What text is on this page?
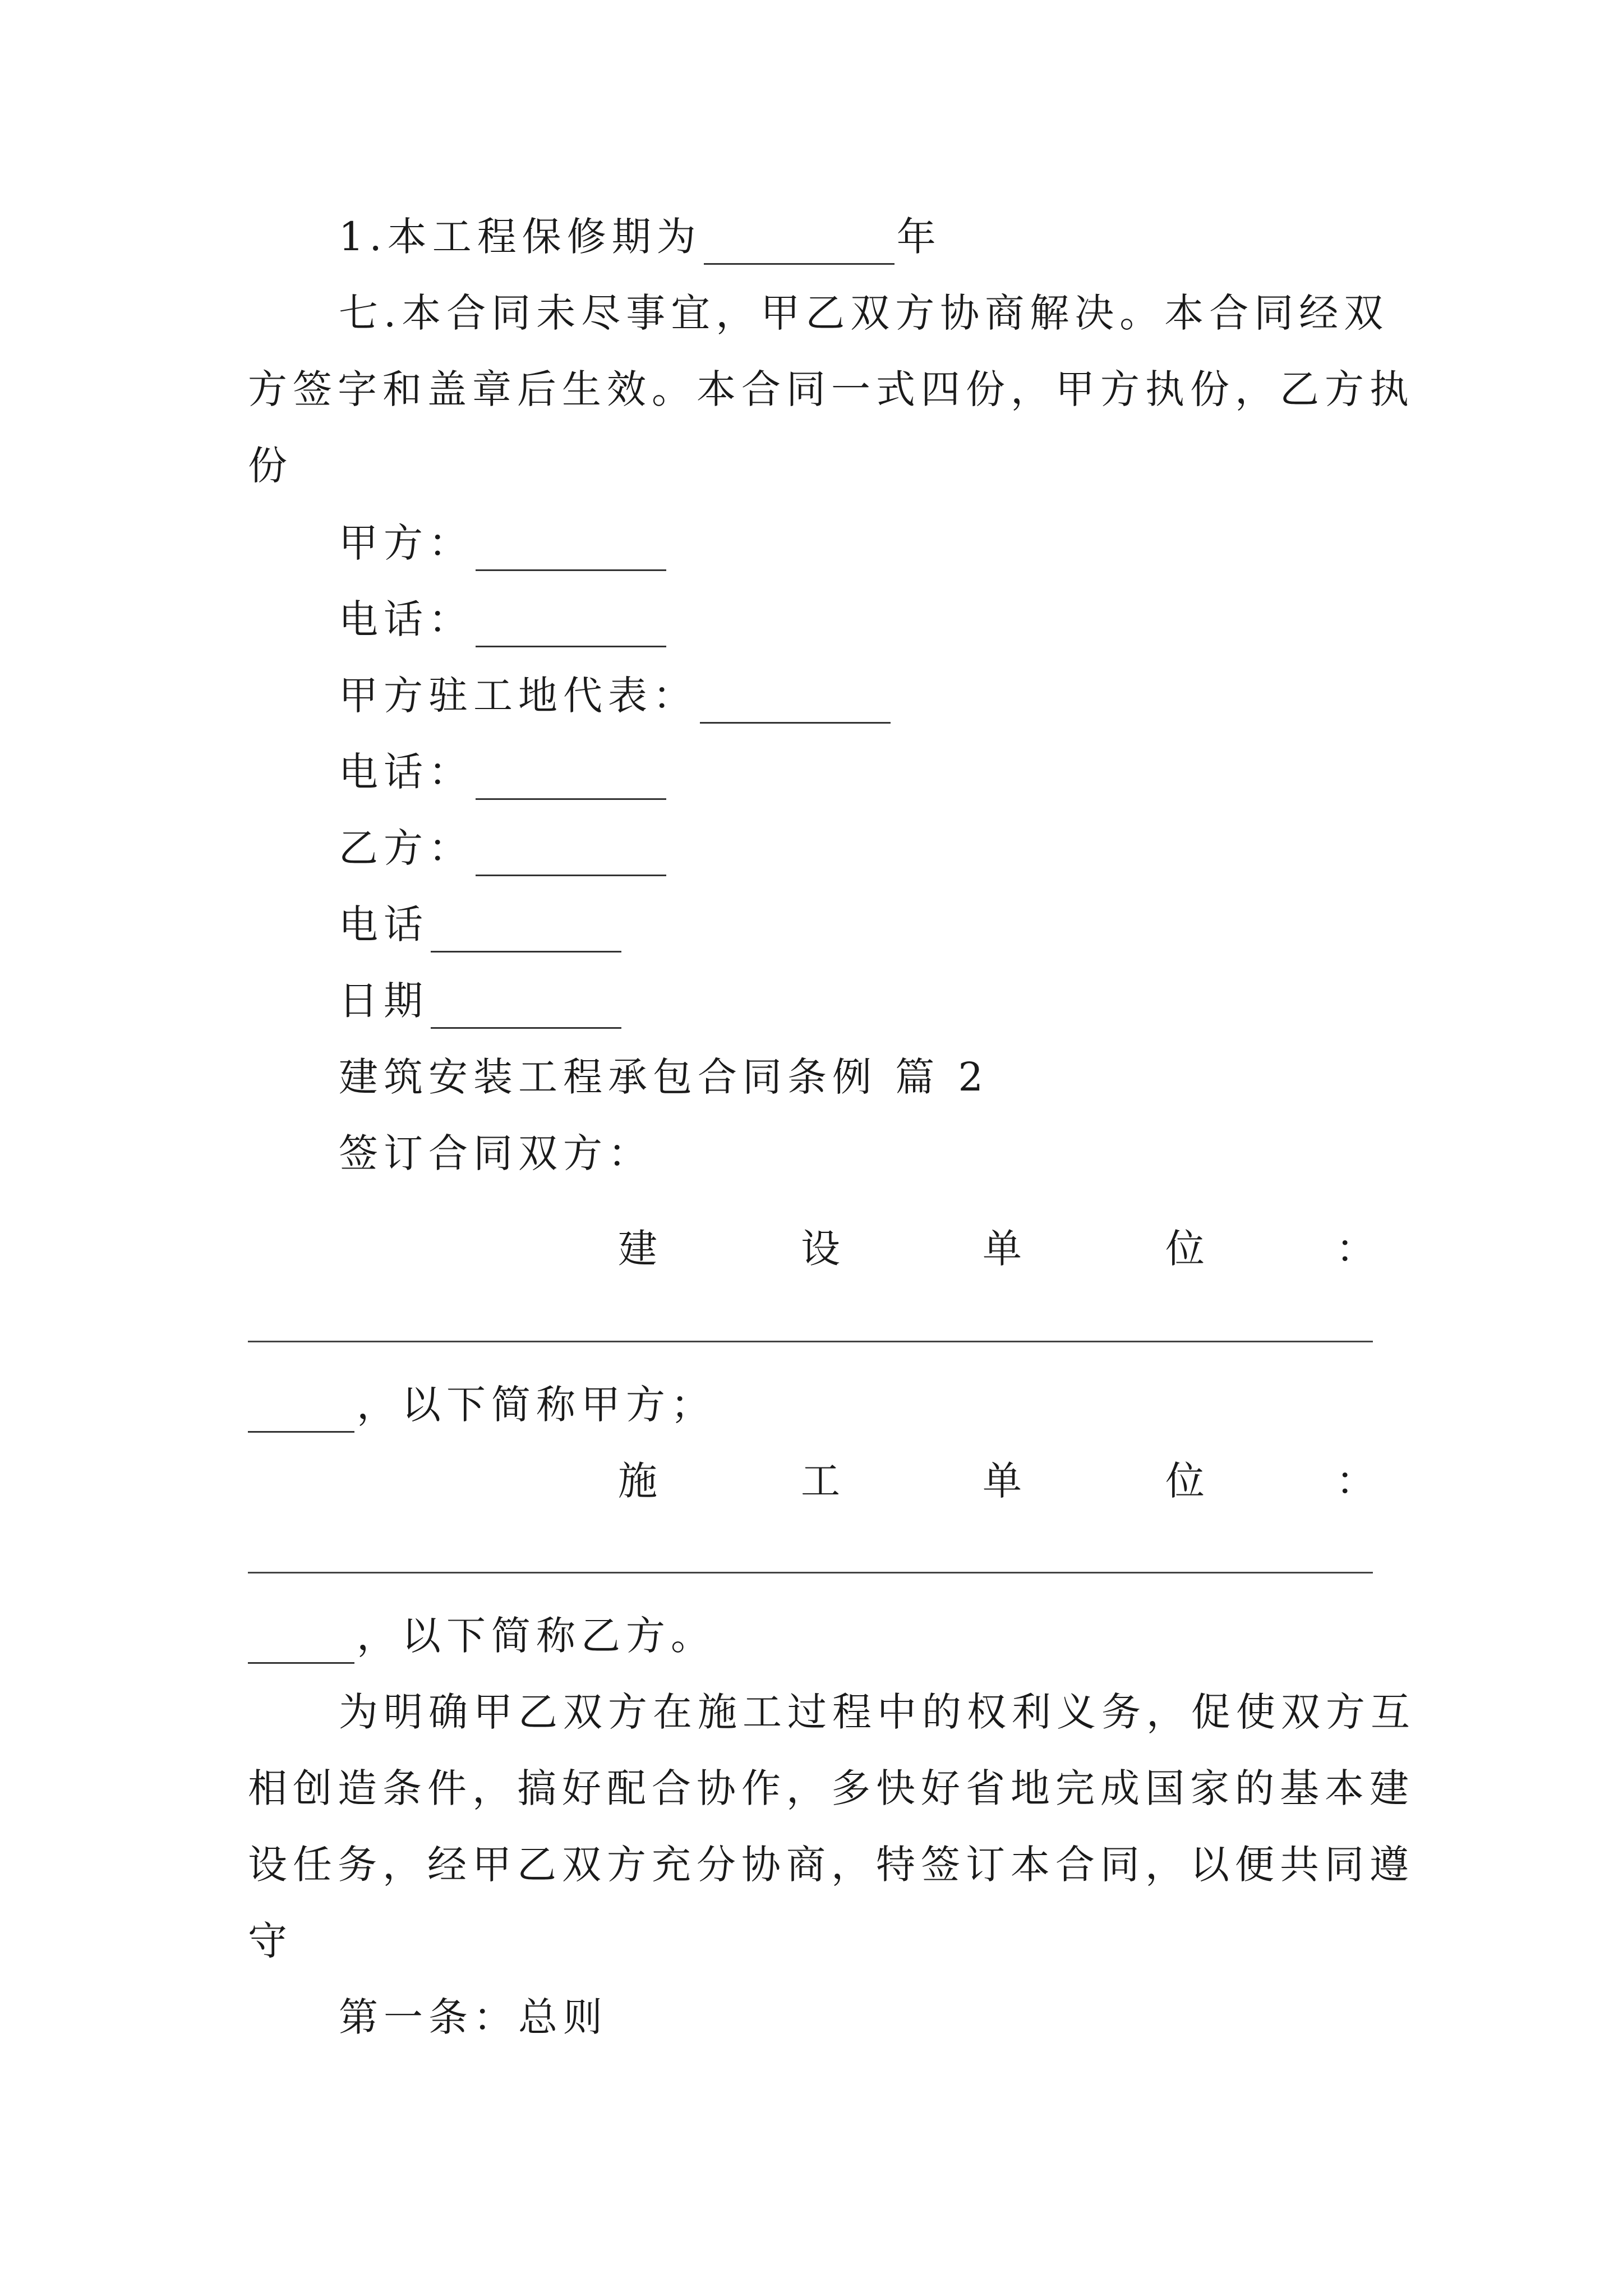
1.本工程保修期为	年
七.本合同未尽事宜，甲乙双方协商解决。本合同经双
方签字和盖章后生效。本合同一式四份，甲方执份，乙方执
份
甲方：
电话：
甲方驻工地代表：
电话：
乙方：
电话
日期
建筑安装工程承包合同条例 篇 2
签订合同双方：
建	设	单	位	：
，以下简称甲方；
施	工	单	位	：
，以下简称乙方。
为明确甲乙双方在施工过程中的权利义务，促使双方互
相创造条件，搞好配合协作，多快好省地完成国家的基本建
设任务，经甲乙双方充分协商，特签订本合同，以便共同遵
守
第一条：总则
